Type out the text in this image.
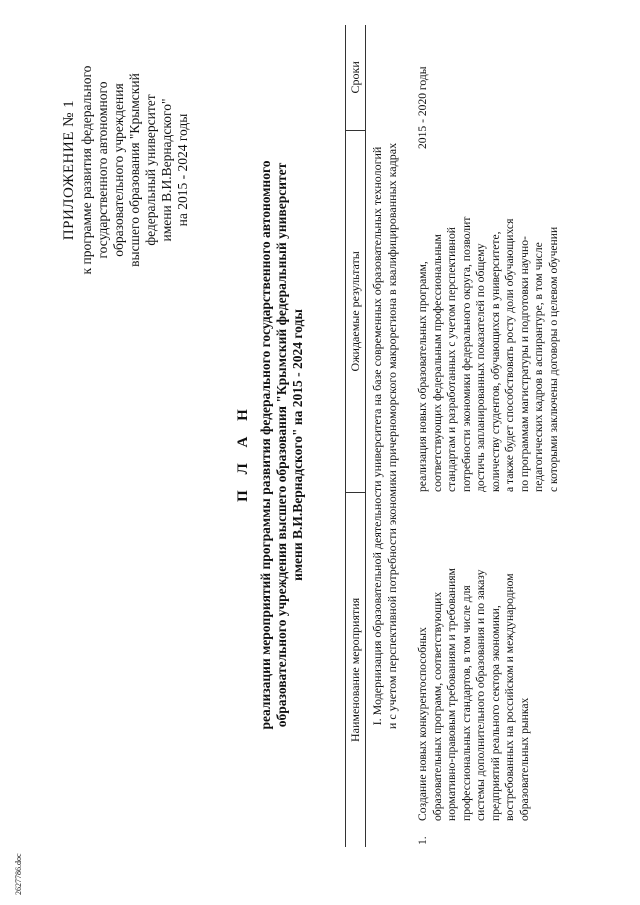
2627786.doc
ПРИЛОЖЕНИЕ № 1 к программе развития федерального государственного автономного образовательного учреждения высшего образования "Крымский федеральный университет имени В.И.Вернадского" на 2015 - 2024 годы
П Л А Н реализации мероприятий программы развития федерального государственного автономного образовательного учреждения высшего образования "Крымский федеральный университет имени В.И.Вернадского" на 2015 - 2024 годы
Наименование мероприятия
Ожидаемые результаты
Сроки
I. Модернизация образовательной деятельности университета на базе современных образовательных технологий и с учетом перспективной потребности экономики причерноморского макрорегиона в квалифицированных кадрах
1.
Создание новых конкурентоспособных образовательных программ, соответствующих нормативно-правовым требованиям и требованиям профессиональных стандартов, в том числе для системы дополнительного образования и по заказу предприятий реального сектора экономики, востребованных на российском и международном образовательных рынках
реализация новых образовательных программ, соответствующих федеральным профессиональным стандартам и разработанных с учетом перспективной потребности экономики федерального округа, позволит достичь запланированных показателей по общему количеству студентов, обучающихся в университете, а также будет способствовать росту доли обучающихся по программам магистратуры и подготовки научно- педагогических кадров в аспирантуре, в том числе с которыми заключены договоры о целевом обучении
2015 - 2020 годы
